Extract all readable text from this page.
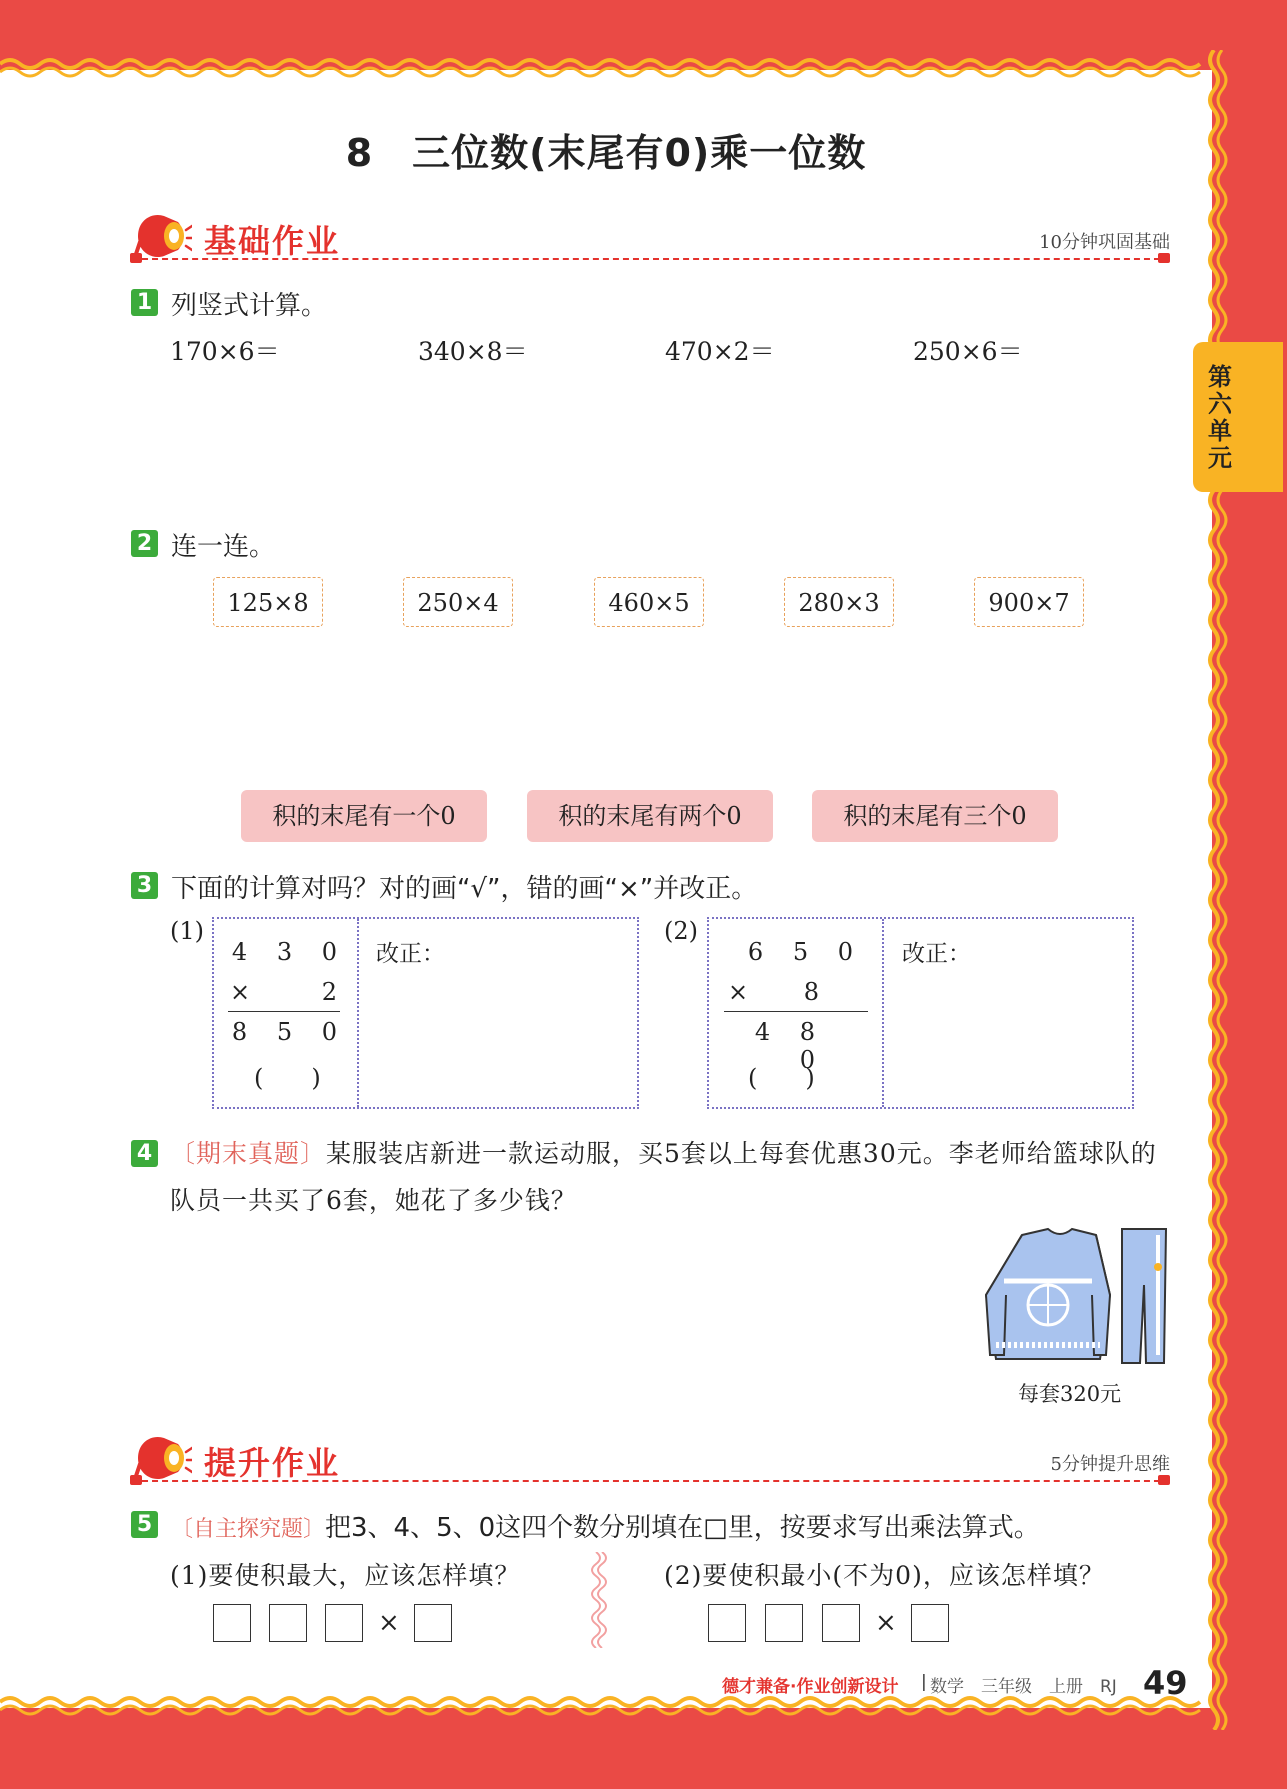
第六单元
8　三位数(末尾有0)乘一位数
基础作业	10分钟巩固基础
1 列竖式计算。
170×6＝	340×8＝	470×2＝	250×6＝
2 连一连。
125×8	250×4	460×5	280×3	900×7
积的末尾有一个0	积的末尾有两个0	积的末尾有三个0
3 下面的计算对吗？对的画“√”，错的画“×”并改正。
(1)
4 3 0
×	2
8 5 0
(　　)
改正：
(2)
6 5 0
×	8
4 8 0
(　　)
改正：
4 〔期末真题〕某服装店新进一款运动服，买5套以上每套优惠30元。李老师给篮球队的队员一共买了6套，她花了多少钱？
每套320元
提升作业	5分钟提升思维
5 〔自主探究题〕把3、4、5、0这四个数分别填在□里，按要求写出乘法算式。
(1)要使积最大，应该怎样填？	(2)要使积最小(不为0)，应该怎样填？
×	×
德才兼备·作业创新设计 | 数学　三年级　上册　RJ 49
